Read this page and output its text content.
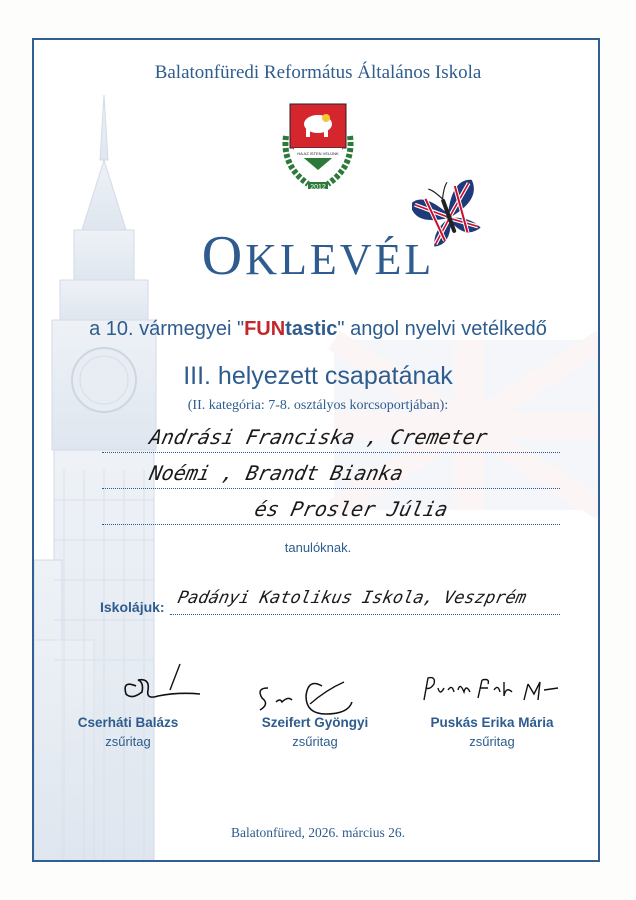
Balatonfüredi Református Általános Iskola
HA AZ ISTEN VELÜNK
2012
OKLEVÉL
a 10. vármegyei "FUNtastic" angol nyelvi vetélkedő
III. helyezett csapatának
(II. kategória: 7-8. osztályos korcsoportjában):
Andrási Franciska , Cremeter
Noémi , Brandt Bianka
és Prosler Júlia
tanulóknak.
Iskolájuk: Padányi Katolikus Iskola, Veszprém
Cserháti Balázs
zsűritag
Szeifert Gyöngyi
zsűritag
Puskás Erika Mária
zsűritag
Balatonfüred, 2026. március 26.
